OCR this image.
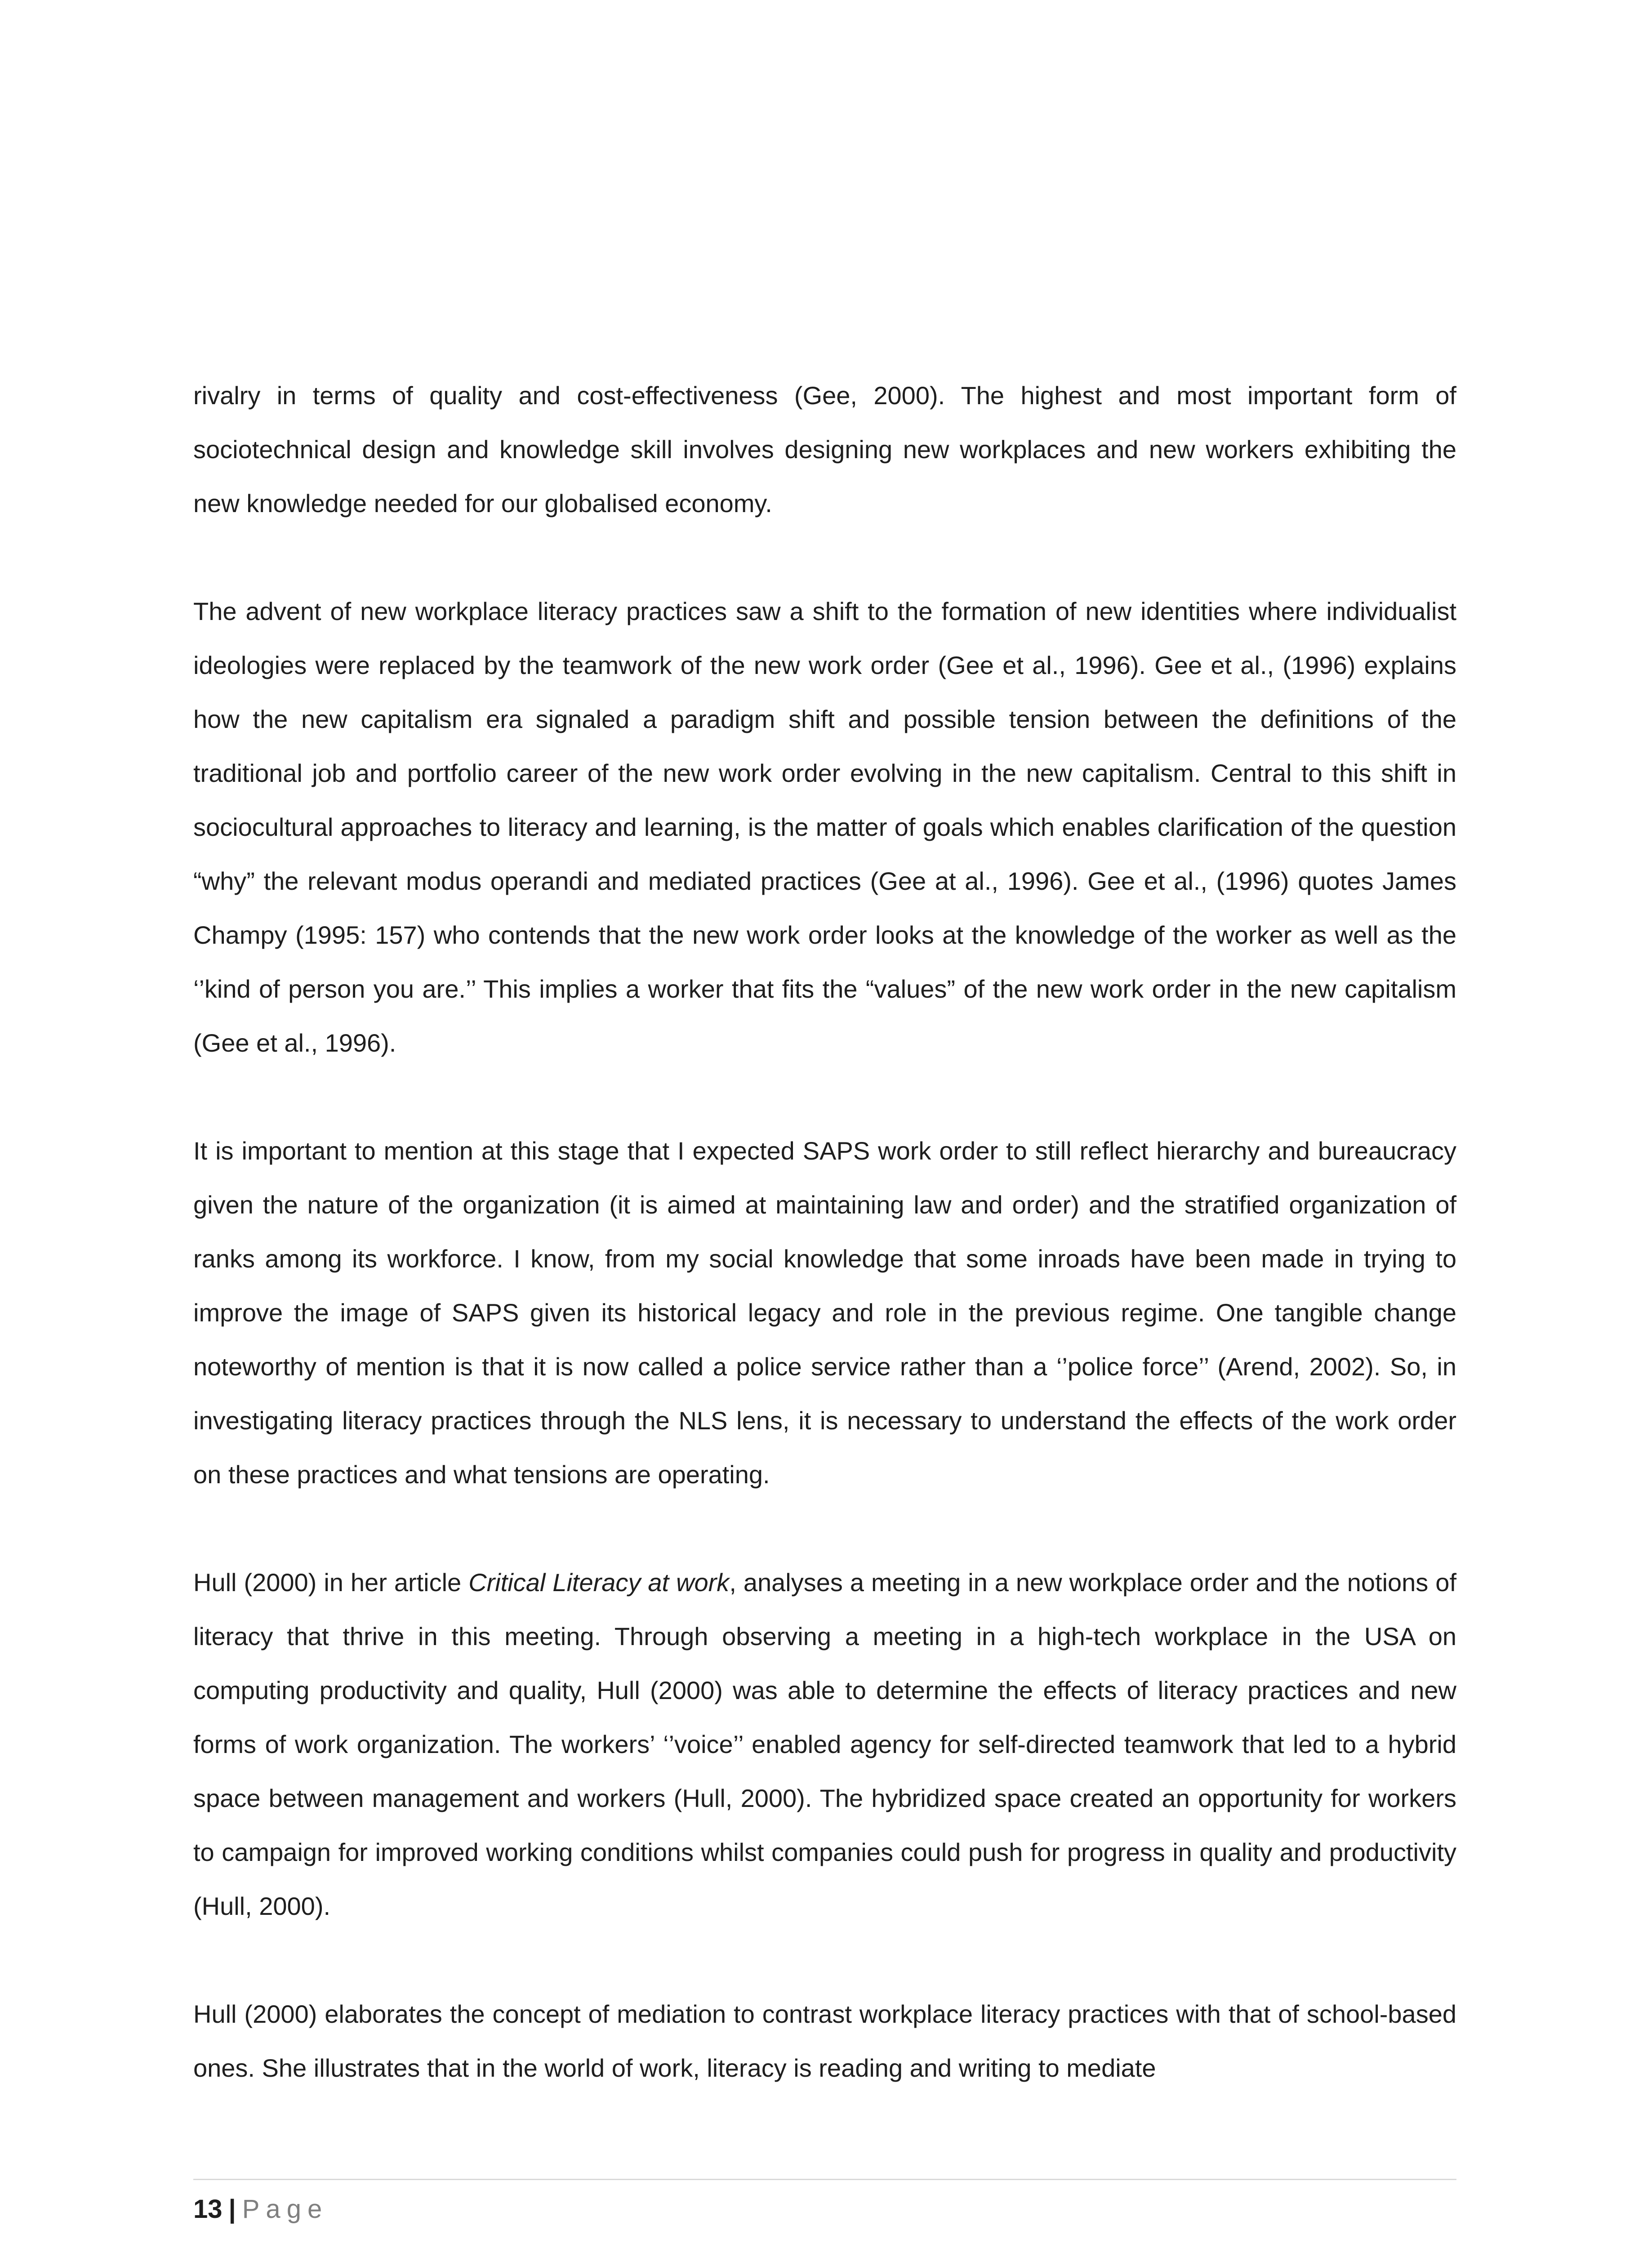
rivalry in terms of quality and cost-effectiveness (Gee, 2000). The highest and most important form of sociotechnical design and knowledge skill involves designing new workplaces and new workers exhibiting the new knowledge needed for our globalised economy.

The advent of new workplace literacy practices saw a shift to the formation of new identities where individualist ideologies were replaced by the teamwork of the new work order (Gee et al., 1996). Gee et al., (1996) explains how the new capitalism era signaled a paradigm shift and possible tension between the definitions of the traditional job and portfolio career of the new work order evolving in the new capitalism. Central to this shift in sociocultural approaches to literacy and learning, is the matter of goals which enables clarification of the question “why” the relevant modus operandi and mediated practices (Gee at al., 1996). Gee et al., (1996) quotes James Champy (1995: 157) who contends that the new work order looks at the knowledge of the worker as well as the ‘’kind of person you are.’’ This implies a worker that fits the “values” of the new work order in the new capitalism (Gee et al., 1996).

It is important to mention at this stage that I expected SAPS work order to still reflect hierarchy and bureaucracy given the nature of the organization (it is aimed at maintaining law and order) and the stratified organization of ranks among its workforce. I know, from my social knowledge that some inroads have been made in trying to improve the image of SAPS given its historical legacy and role in the previous regime. One tangible change noteworthy of mention is that it is now called a police service rather than a ‘’police force’’ (Arend, 2002). So, in investigating literacy practices through the NLS lens, it is necessary to understand the effects of the work order on these practices and what tensions are operating.

Hull (2000) in her article Critical Literacy at work, analyses a meeting in a new workplace order and the notions of literacy that thrive in this meeting. Through observing a meeting in a high-tech workplace in the USA on computing productivity and quality, Hull (2000) was able to determine the effects of literacy practices and new forms of work organization. The workers’ ‘’voice’’ enabled agency for self-directed teamwork that led to a hybrid space between management and workers (Hull, 2000). The hybridized space created an opportunity for workers to campaign for improved working conditions whilst companies could push for progress in quality and productivity (Hull, 2000).

Hull (2000) elaborates the concept of mediation to contrast workplace literacy practices with that of school-based ones. She illustrates that in the world of work, literacy is reading and writing to mediate

13 | Page
